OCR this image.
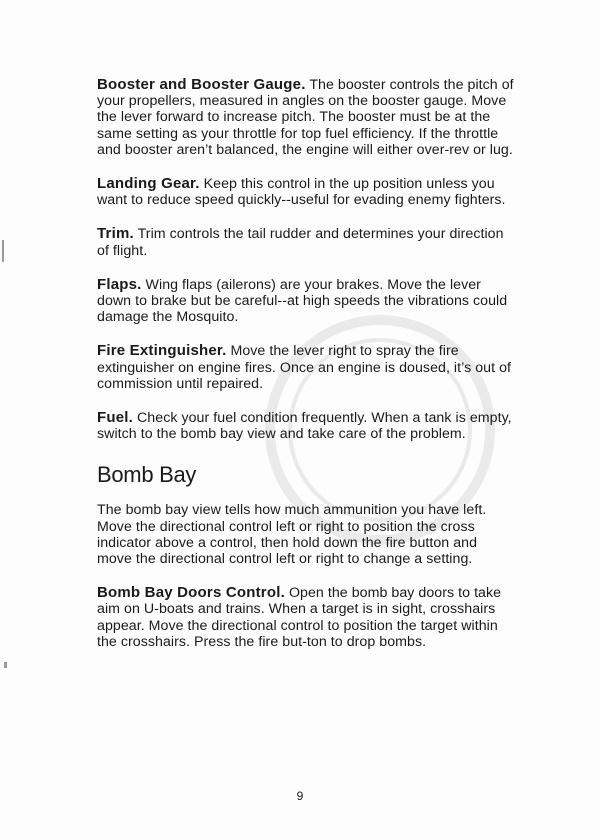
Booster and Booster Gauge. The booster controls the pitch of your propellers, measured in angles on the booster gauge. Move the lever forward to increase pitch. The booster must be at the same setting as your throttle for top fuel efficiency. If the throttle and booster aren’t balanced, the engine will either over-rev or lug.

Landing Gear. Keep this control in the up position unless you want to reduce speed quickly--useful for evading enemy fighters.

Trim. Trim controls the tail rudder and determines your direction of flight.

Flaps. Wing flaps (ailerons) are your brakes. Move the lever down to brake but be careful--at high speeds the vibrations could damage the Mosquito.

Fire Extinguisher. Move the lever right to spray the fire extinguisher on engine fires. Once an engine is doused, it’s out of commission until repaired.

Fuel. Check your fuel condition frequently. When a tank is empty, switch to the bomb bay view and take care of the problem.

Bomb Bay

The bomb bay view tells how much ammunition you have left. Move the directional control left or right to position the cross indicator above a control, then hold down the fire button and move the directional control left or right to change a setting.

Bomb Bay Doors Control. Open the bomb bay doors to take aim on U-boats and trains. When a target is in sight, crosshairs appear. Move the directional control to position the target within the crosshairs. Press the fire but-ton to drop bombs.

9
